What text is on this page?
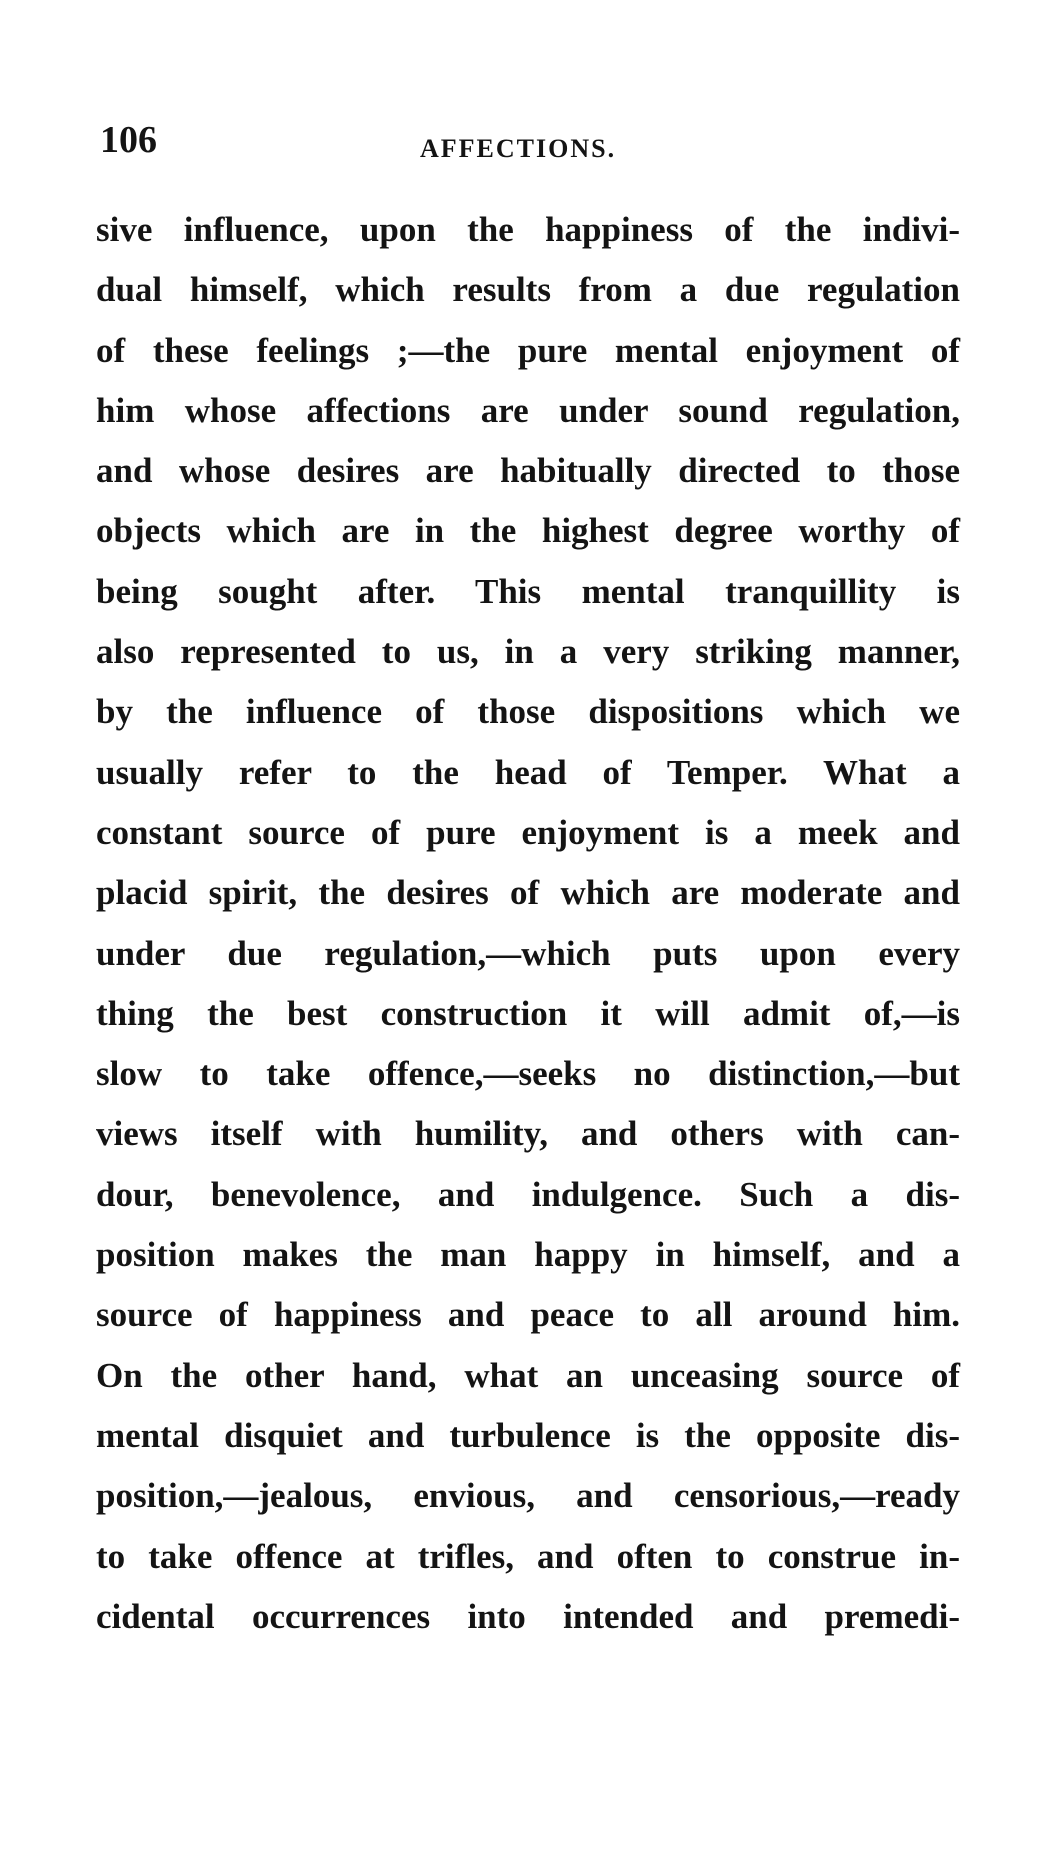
106	AFFECTIONS.
sive influence, upon the happiness of the indivi-
dual himself, which results from a due regulation
of these feelings ;—the pure mental enjoyment of
him whose affections are under sound regulation,
and whose desires are habitually directed to those
objects which are in the highest degree worthy of
being sought after. This mental tranquillity is
also represented to us, in a very striking manner,
by the influence of those dispositions which we
usually refer to the head of Temper. What a
constant source of pure enjoyment is a meek and
placid spirit, the desires of which are moderate and
under due regulation,—which puts upon every
thing the best construction it will admit of,—is
slow to take offence,—seeks no distinction,—but
views itself with humility, and others with can-
dour, benevolence, and indulgence. Such a dis-
position makes the man happy in himself, and a
source of happiness and peace to all around him.
On the other hand, what an unceasing source of
mental disquiet and turbulence is the opposite dis-
position,—jealous, envious, and censorious,—ready
to take offence at trifles, and often to construe in-
cidental occurrences into intended and premedi-
